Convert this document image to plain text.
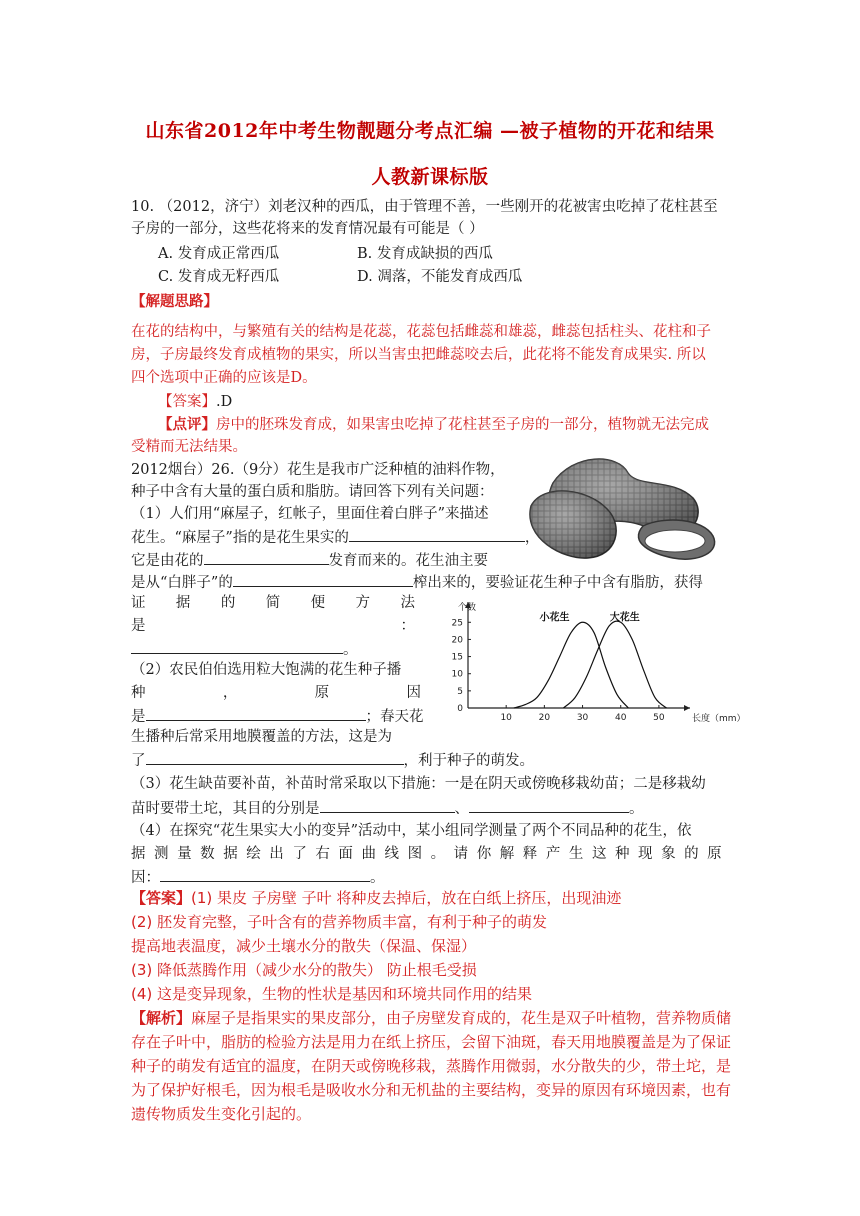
山东省2012年中考生物靓题分考点汇编 —被子植物的开花和结果
人教新课标版
10. （2012，济宁）刘老汉种的西瓜，由于管理不善，一些刚开的花被害虫吃掉了花柱甚至
子房的一部分，这些花将来的发育情况最有可能是（ ）
A. 发育成正常西瓜	B. 发育成缺损的西瓜
C. 发育成无籽西瓜	D. 凋落，不能发育成西瓜
【解题思路】
在花的结构中，与繁殖有关的结构是花蕊，花蕊包括雌蕊和雄蕊，雌蕊包括柱头、花柱和子
房，子房最终发育成植物的果实，所以当害虫把雌蕊咬去后，此花将不能发育成果实. 所以
四个选项中正确的应该是D。
【答案】.D
【点评】房中的胚珠发育成，如果害虫吃掉了花柱甚至子房的一部分，植物就无法完成
受精而无法结果。
2012烟台）26.（9分）花生是我市广泛种植的油料作物，
种子中含有大量的蛋白质和脂肪。请回答下列有关问题：
（1）人们用“麻屋子，红帐子，里面住着白胖子”来描述
花生。“麻屋子”指的是花生果实的	，
它是由花的	发育而来的。花生油主要
是从“白胖子”的	榨出来的，要验证花生种子中含有脂肪，获得
证 据 的 简 便 方 法
是	：
。
（2）农民伯伯选用粒大饱满的花生种子播
种	，	原	因
是	；春天花
生播种后常采用地膜覆盖的方法，这是为
了	，利于种子的萌发。
（3）花生缺苗要补苗，补苗时常采取以下措施：一是在阴天或傍晚移栽幼苗；二是移栽幼
苗时要带土坨，其目的分别是	、	。
（4）在探究“花生果实大小的变异”活动中，某小组同学测量了两个不同品种的花生，依
据 测 量 数 据 绘 出 了 右 面 曲 线 图 。 请 你 解 释 产 生 这 种 现 象 的 原
因：	。
【答案】(1) 果皮 子房壁 子叶 将种皮去掉后，放在白纸上挤压，出现油迹
(2) 胚发育完整，子叶含有的营养物质丰富，有利于种子的萌发
提高地表温度，减少土壤水分的散失（保温、保湿）
(3) 降低蒸腾作用（减少水分的散失） 防止根毛受损
(4) 这是变异现象，生物的性状是基因和环境共同作用的结果
【解析】麻屋子是指果实的果皮部分，由子房壁发育成的，花生是双子叶植物，营养物质储
存在子叶中，脂肪的检验方法是用力在纸上挤压，会留下油斑，春天用地膜覆盖是为了保证
种子的萌发有适宜的温度，在阴天或傍晚移栽，蒸腾作用微弱，水分散失的少，带土坨，是
为了保护好根毛，因为根毛是吸收水分和无机盐的主要结构，变异的原因有环境因素，也有
遗传物质发生变化引起的。
10	20	30	40	50
0
5
10
15
20
25
个数
长度（mm）
小花生	大花生
